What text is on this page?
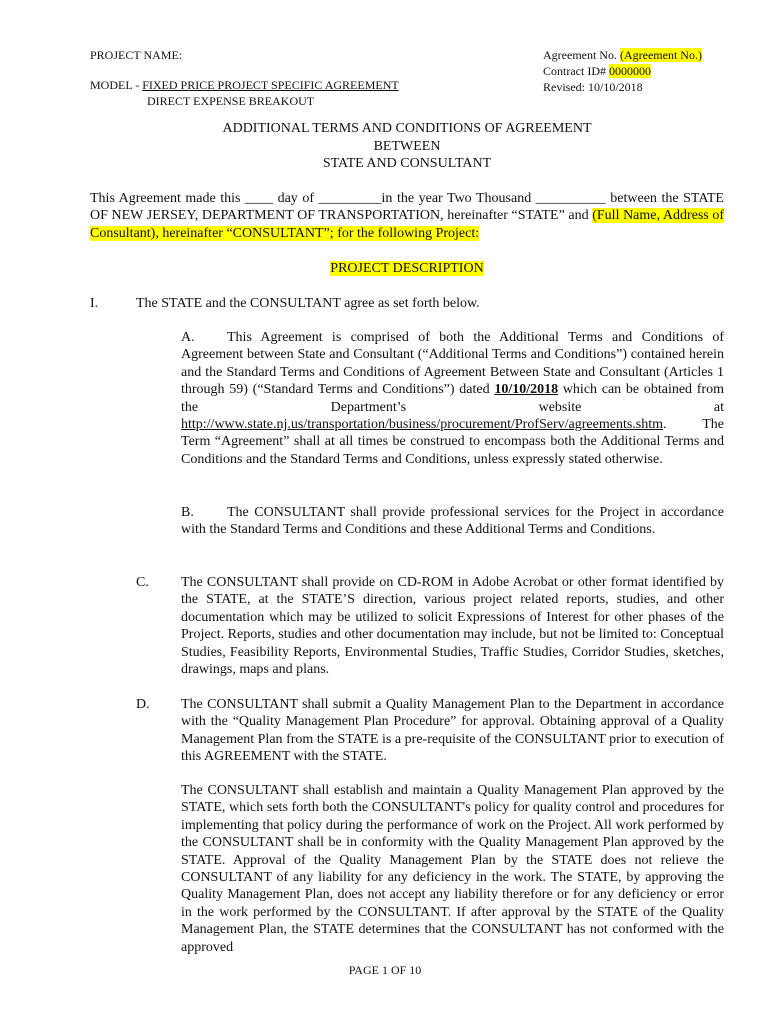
PROJECT NAME:
MODEL - FIXED PRICE PROJECT SPECIFIC AGREEMENT
DIRECT EXPENSE BREAKOUT
Agreement No. (Agreement No.)
Contract ID# 0000000
Revised: 10/10/2018
ADDITIONAL TERMS AND CONDITIONS OF AGREEMENT
BETWEEN
STATE AND CONSULTANT
This Agreement made this ____ day of _________in the year Two Thousand __________ between the STATE OF NEW JERSEY, DEPARTMENT OF TRANSPORTATION, hereinafter “STATE” and (Full Name, Address of Consultant), hereinafter “CONSULTANT”; for the following Project:
PROJECT DESCRIPTION
I.	The STATE and the CONSULTANT agree as set forth below.
A. This Agreement is comprised of both the Additional Terms and Conditions of Agreement between State and Consultant (“Additional Terms and Conditions”) contained herein and the Standard Terms and Conditions of Agreement Between State and Consultant (Articles 1 through 59) (“Standard Terms and Conditions”) dated 10/10/2018 which can be obtained from the Department’s website at http://www.state.nj.us/transportation/business/procurement/ProfServ/agreements.shtm. The Term “Agreement” shall at all times be construed to encompass both the Additional Terms and Conditions and the Standard Terms and Conditions, unless expressly stated otherwise.
B. The CONSULTANT shall provide professional services for the Project in accordance with the Standard Terms and Conditions and these Additional Terms and Conditions.
C. The CONSULTANT shall provide on CD-ROM in Adobe Acrobat or other format identified by the STATE, at the STATE’S direction, various project related reports, studies, and other documentation which may be utilized to solicit Expressions of Interest for other phases of the Project. Reports, studies and other documentation may include, but not be limited to: Conceptual Studies, Feasibility Reports, Environmental Studies, Traffic Studies, Corridor Studies, sketches, drawings, maps and plans.
D. The CONSULTANT shall submit a Quality Management Plan to the Department in accordance with the “Quality Management Plan Procedure” for approval. Obtaining approval of a Quality Management Plan from the STATE is a pre-requisite of the CONSULTANT prior to execution of this AGREEMENT with the STATE.
The CONSULTANT shall establish and maintain a Quality Management Plan approved by the STATE, which sets forth both the CONSULTANT's policy for quality control and procedures for implementing that policy during the performance of work on the Project. All work performed by the CONSULTANT shall be in conformity with the Quality Management Plan approved by the STATE. Approval of the Quality Management Plan by the STATE does not relieve the CONSULTANT of any liability for any deficiency in the work. The STATE, by approving the Quality Management Plan, does not accept any liability therefore or for any deficiency or error in the work performed by the CONSULTANT. If after approval by the STATE of the Quality Management Plan, the STATE determines that the CONSULTANT has not conformed with the approved
PAGE 1 OF 10
